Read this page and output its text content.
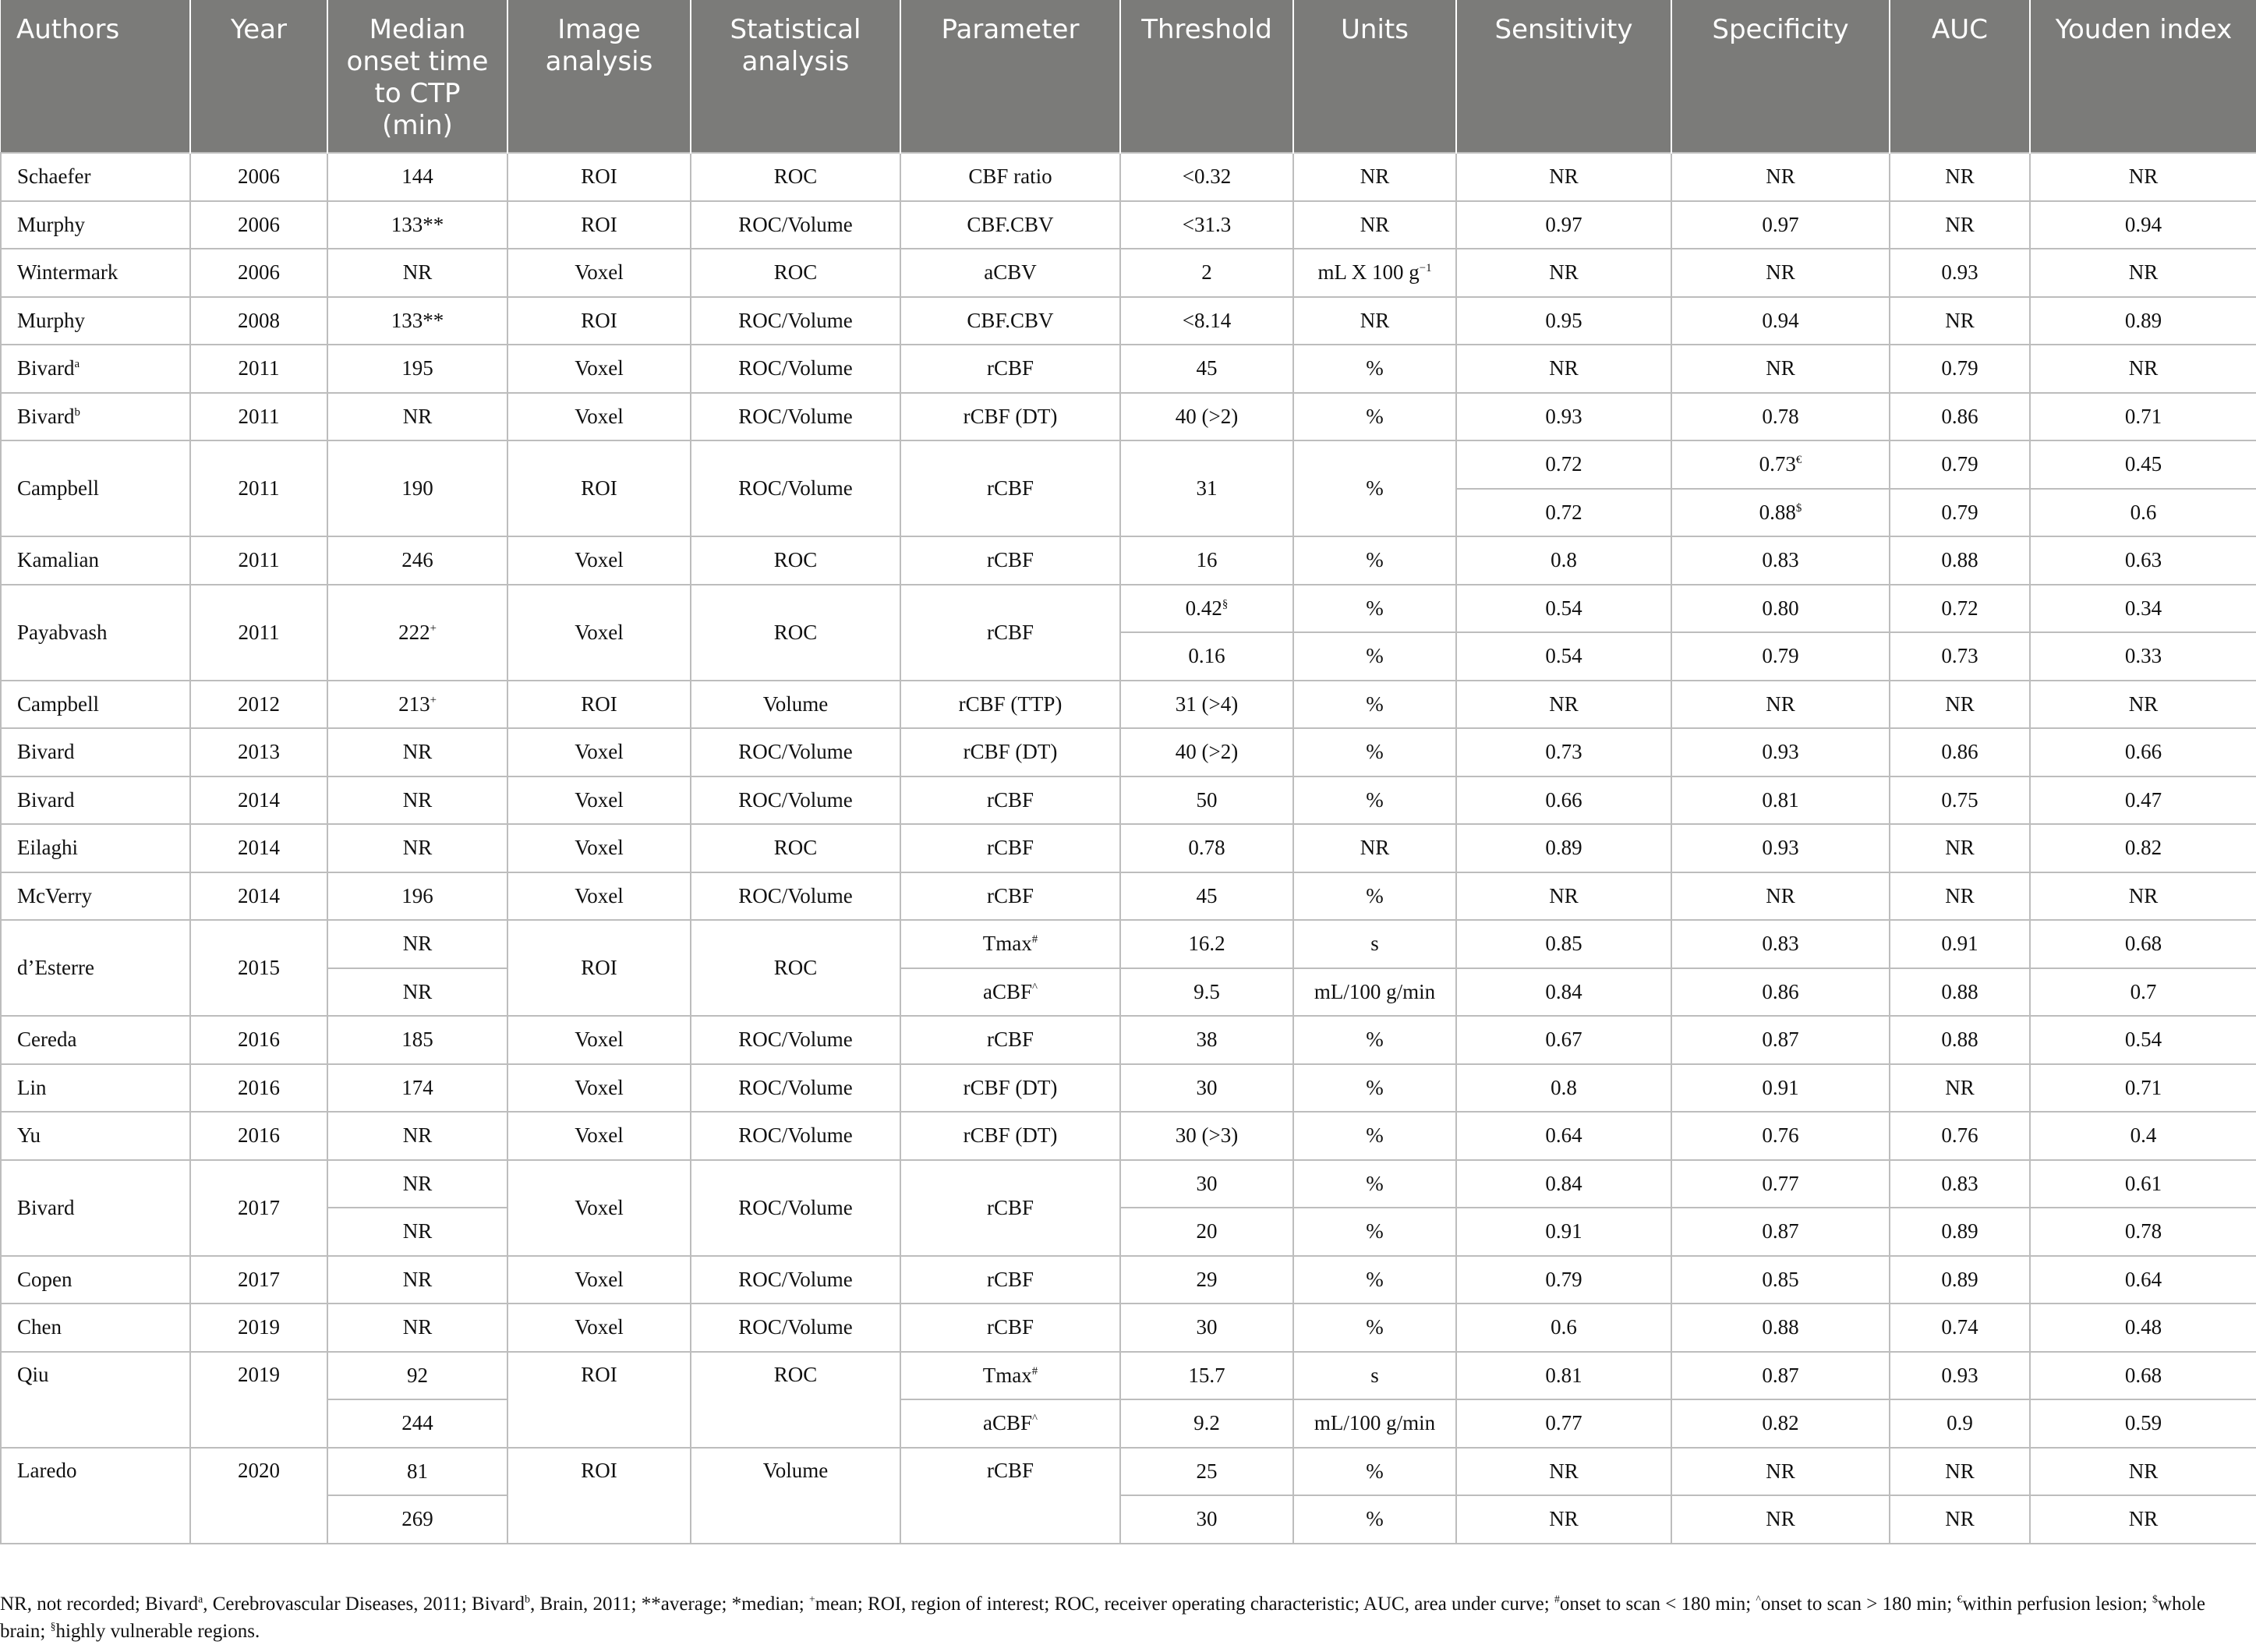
Authors	Year	Median onset time to CTP (min)	Image analysis	Statistical analysis	Parameter	Threshold	Units	Sensitivity	Specificity	AUC	Youden index
Schaefer	2006	144	ROI	ROC	CBF ratio	<0.32	NR	NR	NR	NR	NR
Murphy	2006	133**	ROI	ROC/Volume	CBF.CBV	<31.3	NR	0.97	0.97	NR	0.94
Wintermark	2006	NR	Voxel	ROC	aCBV	2	mL X 100 $g^{-1}$	NR	NR	0.93	NR
Murphy	2008	133**	ROI	ROC/Volume	CBF.CBV	<8.14	NR	0.95	0.94	NR	0.89
Bivard$^a$	2011	195	Voxel	ROC/Volume	rCBF	45	%	NR	NR	0.79	NR
Bivard$^b$	2011	NR	Voxel	ROC/Volume	rCBF (DT)	40 (>2)	%	0.93	0.78	0.86	0.71
Campbell	2011	190	ROI	ROC/Volume	rCBF	31	%	0.72	0.73€	0.79	0.45
								0.72	0.88$	0.79	0.6
Kamalian	2011	246	Voxel	ROC	rCBF	16	%	0.8	0.83	0.88	0.63
Payabvash	2011	222+	Voxel	ROC	rCBF	0.42§	%	0.54	0.80	0.72	0.34
						0.16	%	0.54	0.79	0.73	0.33
Campbell	2012	213+	ROI	Volume	rCBF (TTP)	31 (>4)	%	NR	NR	NR	NR
Bivard	2013	NR	Voxel	ROC/Volume	rCBF (DT)	40 (>2)	%	0.73	0.93	0.86	0.66
Bivard	2014	NR	Voxel	ROC/Volume	rCBF	50	%	0.66	0.81	0.75	0.47
Eilaghi	2014	NR	Voxel	ROC	rCBF	0.78	NR	0.89	0.93	NR	0.82
McVerry	2014	196	Voxel	ROC/Volume	rCBF	45	%	NR	NR	NR	NR
d’Esterre	2015	NR	ROI	ROC	Tmax#	16.2	s	0.85	0.83	0.91	0.68
		NR			aCBF^	9.5	mL/100 g/min	0.84	0.86	0.88	0.7
Cereda	2016	185	Voxel	ROC/Volume	rCBF	38	%	0.67	0.87	0.88	0.54
Lin	2016	174	Voxel	ROC/Volume	rCBF (DT)	30	%	0.8	0.91	NR	0.71
Yu	2016	NR	Voxel	ROC/Volume	rCBF (DT)	30 (>3)	%	0.64	0.76	0.76	0.4
Bivard	2017	NR	Voxel	ROC/Volume	rCBF	30	%	0.84	0.77	0.83	0.61
		NR				20	%	0.91	0.87	0.89	0.78
Copen	2017	NR	Voxel	ROC/Volume	rCBF	29	%	0.79	0.85	0.89	0.64
Chen	2019	NR	Voxel	ROC/Volume	rCBF	30	%	0.6	0.88	0.74	0.48
Qiu	2019	92	ROI	ROC	Tmax#	15.7	s	0.81	0.87	0.93	0.68
		244			aCBF^	9.2	mL/100 g/min	0.77	0.82	0.9	0.59
Laredo	2020	81	ROI	Volume	rCBF	25	%	NR	NR	NR	NR
		269				30	%	NR	NR	NR	NR
NR, not recorded; Bivard$^a$, Cerebrovascular Diseases, 2011; Bivard$^b$, Brain, 2011; **average; *median; +mean; ROI, region of interest; ROC, receiver operating characteristic; AUC, area under curve; #onset to scan < 180 min; ^onset to scan > 180 min; €within perfusion lesion; $whole brain; §highly vulnerable regions.
